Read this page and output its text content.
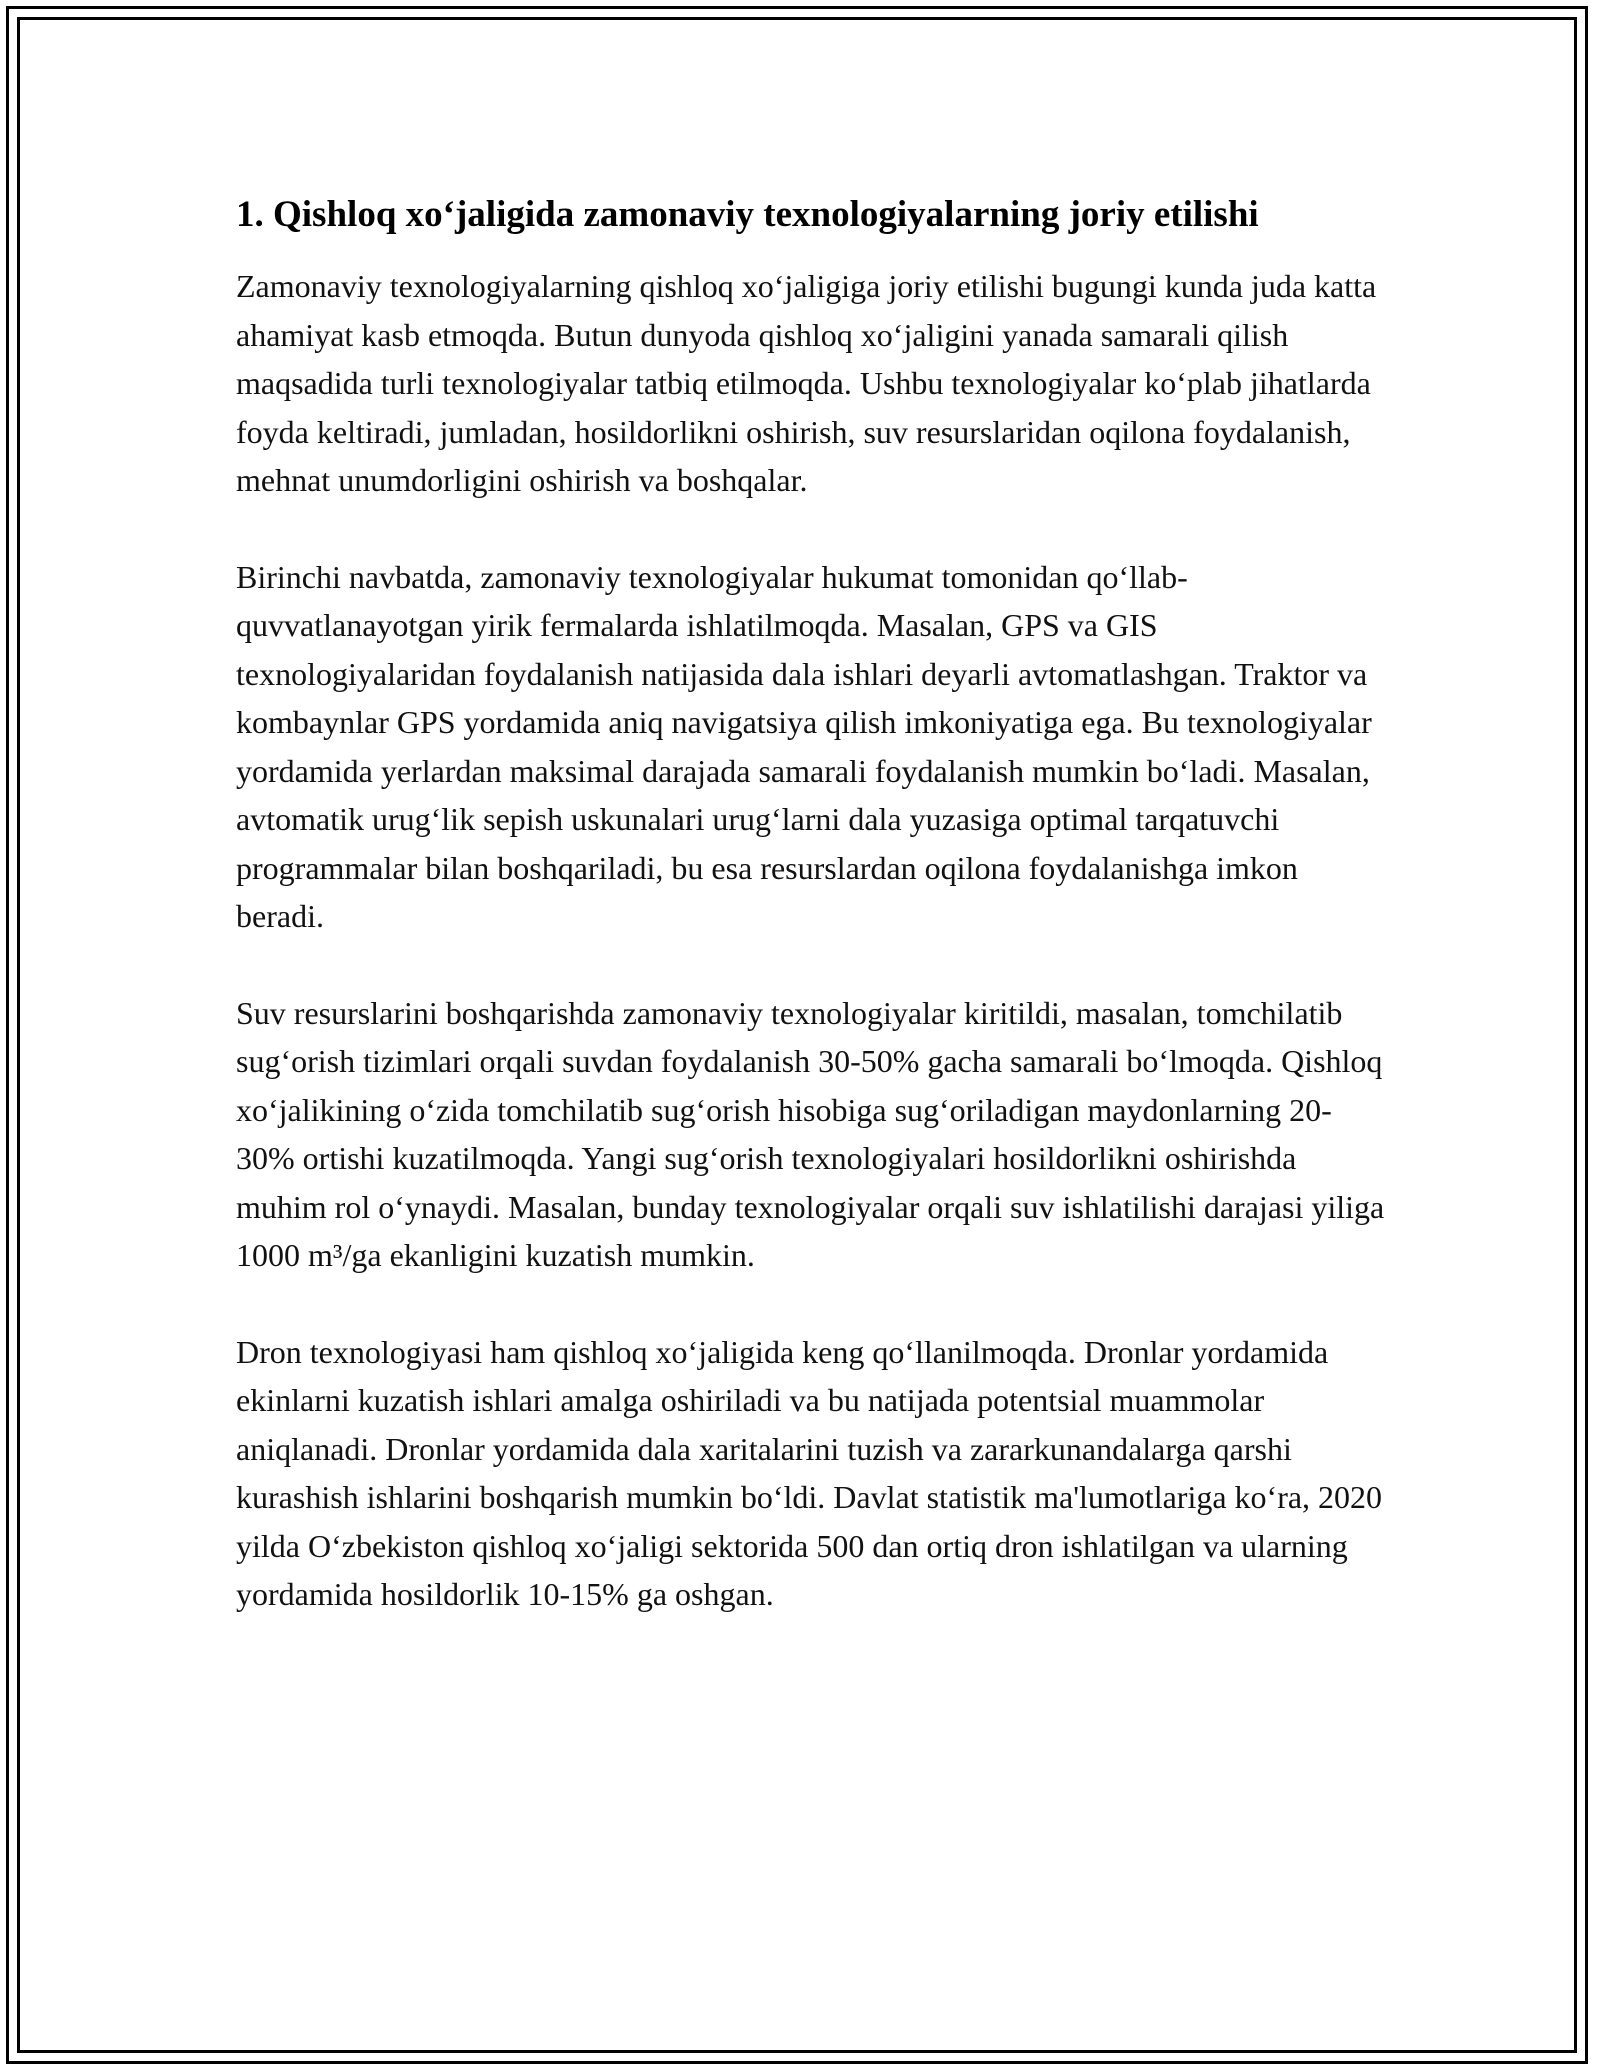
1. Qishloq xo‘jaligida zamonaviy texnologiyalarning joriy etilishi

Zamonaviy texnologiyalarning qishloq xo‘jaligiga joriy etilishi bugungi kunda juda katta ahamiyat kasb etmoqda. Butun dunyoda qishloq xo‘jaligini yanada samarali qilish maqsadida turli texnologiyalar tatbiq etilmoqda. Ushbu texnologiyalar ko‘plab jihatlarda foyda keltiradi, jumladan, hosildorlikni oshirish, suv resurslaridan oqilona foydalanish, mehnat unumdorligini oshirish va boshqalar.

Birinchi navbatda, zamonaviy texnologiyalar hukumat tomonidan qo‘llab-quvvatlanayotgan yirik fermalarda ishlatilmoqda. Masalan, GPS va GIS texnologiyalaridan foydalanish natijasida dala ishlari deyarli avtomatlashgan. Traktor va kombaynlar GPS yordamida aniq navigatsiya qilish imkoniyatiga ega. Bu texnologiyalar yordamida yerlardan maksimal darajada samarali foydalanish mumkin bo‘ladi. Masalan, avtomatik urug‘lik sepish uskunalari urug‘larni dala yuzasiga optimal tarqatuvchi programmalar bilan boshqariladi, bu esa resurslardan oqilona foydalanishga imkon beradi.

Suv resurslarini boshqarishda zamonaviy texnologiyalar kiritildi, masalan, tomchilatib sug‘orish tizimlari orqali suvdan foydalanish 30-50% gacha samarali bo‘lmoqda. Qishloq xo‘jalikining o‘zida tomchilatib sug‘orish hisobiga sug‘oriladigan maydonlarning 20-30% ortishi kuzatilmoqda. Yangi sug‘orish texnologiyalari hosildorlikni oshirishda muhim rol o‘ynaydi. Masalan, bunday texnologiyalar orqali suv ishlatilishi darajasi yiliga 1000 m³/ga ekanligini kuzatish mumkin.

Dron texnologiyasi ham qishloq xo‘jaligida keng qo‘llanilmoqda. Dronlar yordamida ekinlarni kuzatish ishlari amalga oshiriladi va bu natijada potentsial muammolar aniqlanadi. Dronlar yordamida dala xaritalarini tuzish va zararkunandalarga qarshi kurashish ishlarini boshqarish mumkin bo‘ldi. Davlat statistik ma'lumotlariga ko‘ra, 2020 yilda O‘zbekiston qishloq xo‘jaligi sektorida 500 dan ortiq dron ishlatilgan va ularning yordamida hosildorlik 10-15% ga oshgan.
